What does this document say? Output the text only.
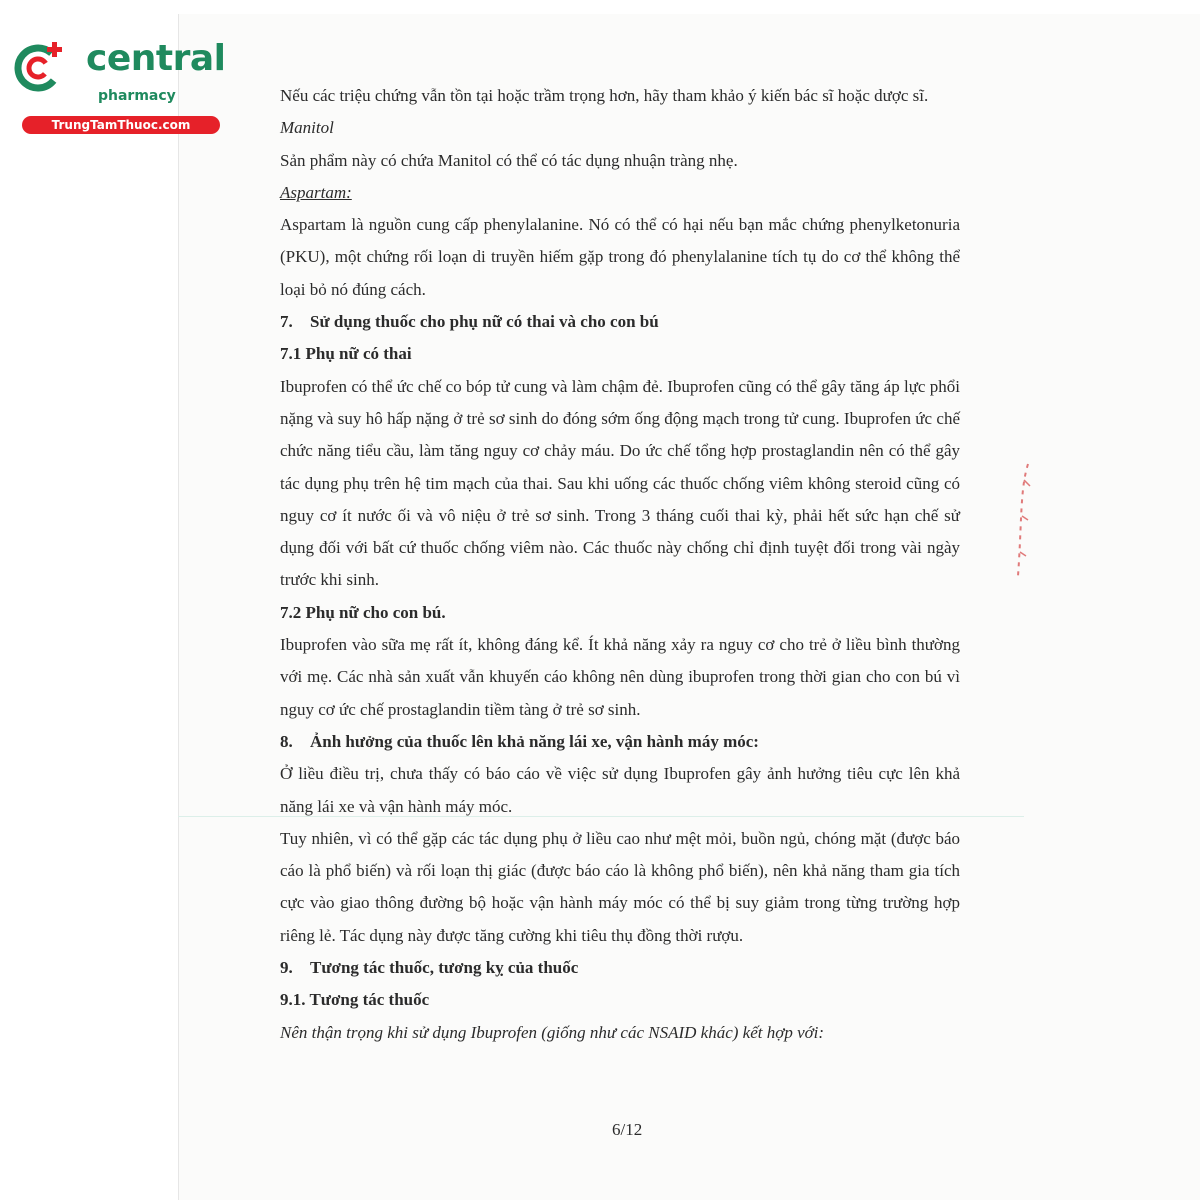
central
pharmacy
TrungTamThuoc.com

Nếu các triệu chứng vẫn tồn tại hoặc trầm trọng hơn, hãy tham khảo ý kiến bác sĩ hoặc dược sĩ.

Manitol

Sản phẩm này có chứa Manitol có thể có tác dụng nhuận tràng nhẹ.

Aspartam:

Aspartam là nguồn cung cấp phenylalanine. Nó có thể có hại nếu bạn mắc chứng phenylketonuria (PKU), một chứng rối loạn di truyền hiếm gặp trong đó phenylalanine tích tụ do cơ thể không thể loại bỏ nó đúng cách.

7. Sử dụng thuốc cho phụ nữ có thai và cho con bú

7.1 Phụ nữ có thai

Ibuprofen có thể ức chế co bóp tử cung và làm chậm đẻ. Ibuprofen cũng có thể gây tăng áp lực phổi nặng và suy hô hấp nặng ở trẻ sơ sinh do đóng sớm ống động mạch trong tử cung. Ibuprofen ức chế chức năng tiểu cầu, làm tăng nguy cơ chảy máu. Do ức chế tổng hợp prostaglandin nên có thể gây tác dụng phụ trên hệ tim mạch của thai. Sau khi uống các thuốc chống viêm không steroid cũng có nguy cơ ít nước ối và vô niệu ở trẻ sơ sinh. Trong 3 tháng cuối thai kỳ, phải hết sức hạn chế sử dụng đối với bất cứ thuốc chống viêm nào. Các thuốc này chống chỉ định tuyệt đối trong vài ngày trước khi sinh.

7.2 Phụ nữ cho con bú.

Ibuprofen vào sữa mẹ rất ít, không đáng kể. Ít khả năng xảy ra nguy cơ cho trẻ ở liều bình thường với mẹ. Các nhà sản xuất vẫn khuyến cáo không nên dùng ibuprofen trong thời gian cho con bú vì nguy cơ ức chế prostaglandin tiềm tàng ở trẻ sơ sinh.

8. Ảnh hưởng của thuốc lên khả năng lái xe, vận hành máy móc:

Ở liều điều trị, chưa thấy có báo cáo về việc sử dụng Ibuprofen gây ảnh hưởng tiêu cực lên khả năng lái xe và vận hành máy móc.

Tuy nhiên, vì có thể gặp các tác dụng phụ ở liều cao như mệt mỏi, buồn ngủ, chóng mặt (được báo cáo là phổ biến) và rối loạn thị giác (được báo cáo là không phổ biến), nên khả năng tham gia tích cực vào giao thông đường bộ hoặc vận hành máy móc có thể bị suy giảm trong từng trường hợp riêng lẻ. Tác dụng này được tăng cường khi tiêu thụ đồng thời rượu.

9. Tương tác thuốc, tương kỵ của thuốc

9.1. Tương tác thuốc

Nên thận trọng khi sử dụng Ibuprofen (giống như các NSAID khác) kết hợp với:

6/12
